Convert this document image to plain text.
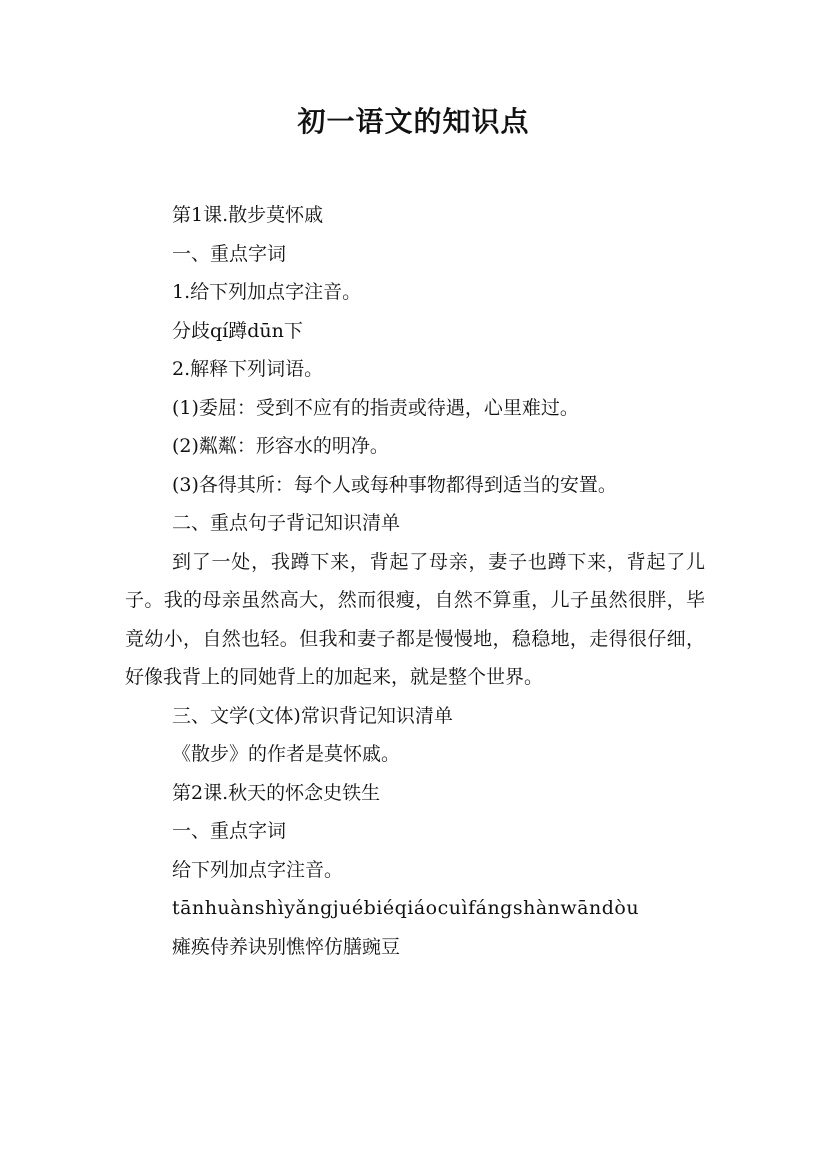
初一语文的知识点

第1课.散步莫怀戚

一、重点字词

1.给下列加点字注音。

分歧qí蹲dūn下

2.解释下列词语。

(1)委屈：受到不应有的指责或待遇，心里难过。

(2)粼粼：形容水的明净。

(3)各得其所：每个人或每种事物都得到适当的安置。

二、重点句子背记知识清单

到了一处，我蹲下来，背起了母亲，妻子也蹲下来，背起了儿子。我的母亲虽然高大，然而很瘦，自然不算重，儿子虽然很胖，毕竟幼小，自然也轻。但我和妻子都是慢慢地，稳稳地，走得很仔细，好像我背上的同她背上的加起来，就是整个世界。

三、文学(文体)常识背记知识清单

《散步》的作者是莫怀戚。

第2课.秋天的怀念史铁生

一、重点字词

给下列加点字注音。

tānhuànshìyǎngjuébiéqiáocuìfángshànwāndòu

瘫痪侍养诀别憔悴仿膳豌豆
